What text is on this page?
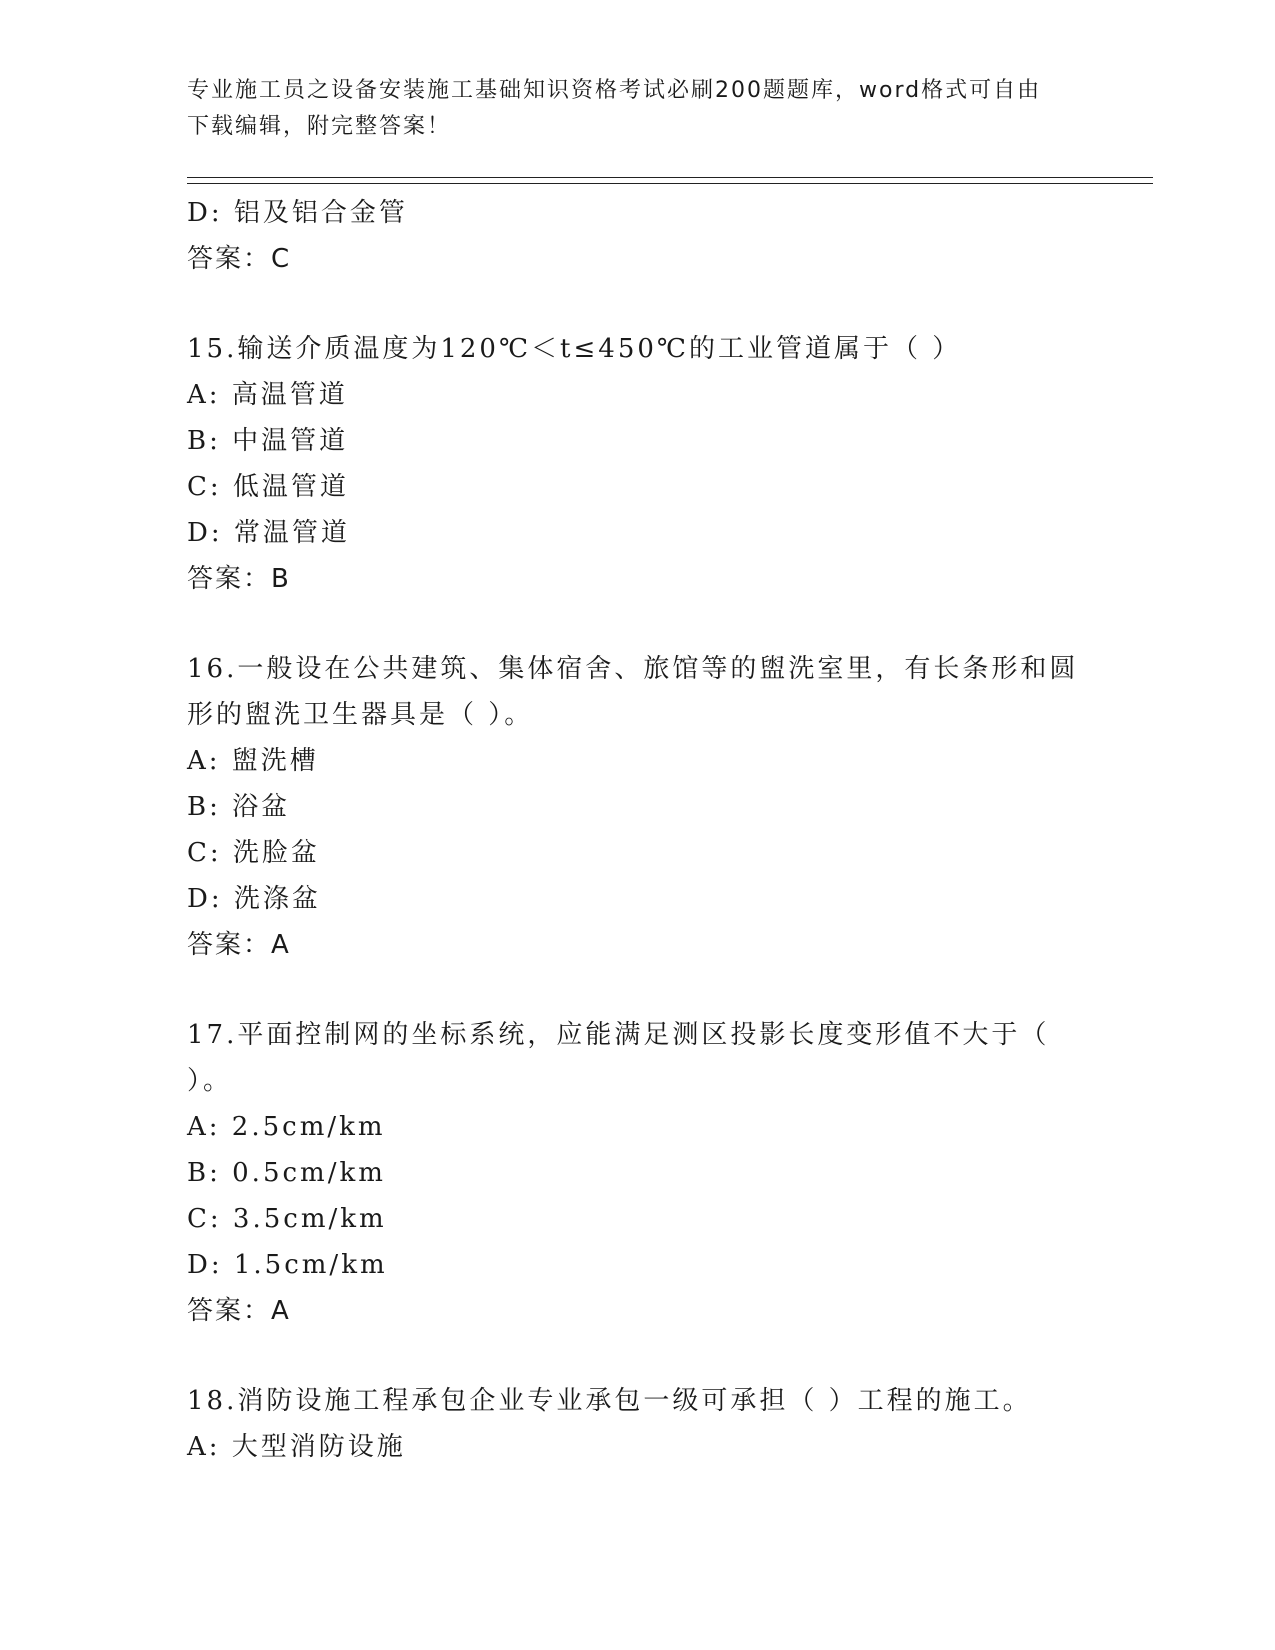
专业施工员之设备安装施工基础知识资格考试必刷200题题库，word格式可自由
下载编辑，附完整答案！
D: 铝及铝合金管
答案：C
15.输送介质温度为120℃＜t≤450℃的工业管道属于（ ）
A: 高温管道
B: 中温管道
C: 低温管道
D: 常温管道
答案：B
16.一般设在公共建筑、集体宿舍、旅馆等的盥洗室里，有长条形和圆
形的盥洗卫生器具是（ ）。
A: 盥洗槽
B: 浴盆
C: 洗脸盆
D: 洗涤盆
答案：A
17.平面控制网的坐标系统，应能满足测区投影长度变形值不大于（
）。
A: 2.5cm/km
B: 0.5cm/km
C: 3.5cm/km
D: 1.5cm/km
答案：A
18.消防设施工程承包企业专业承包一级可承担（ ）工程的施工。
A: 大型消防设施
